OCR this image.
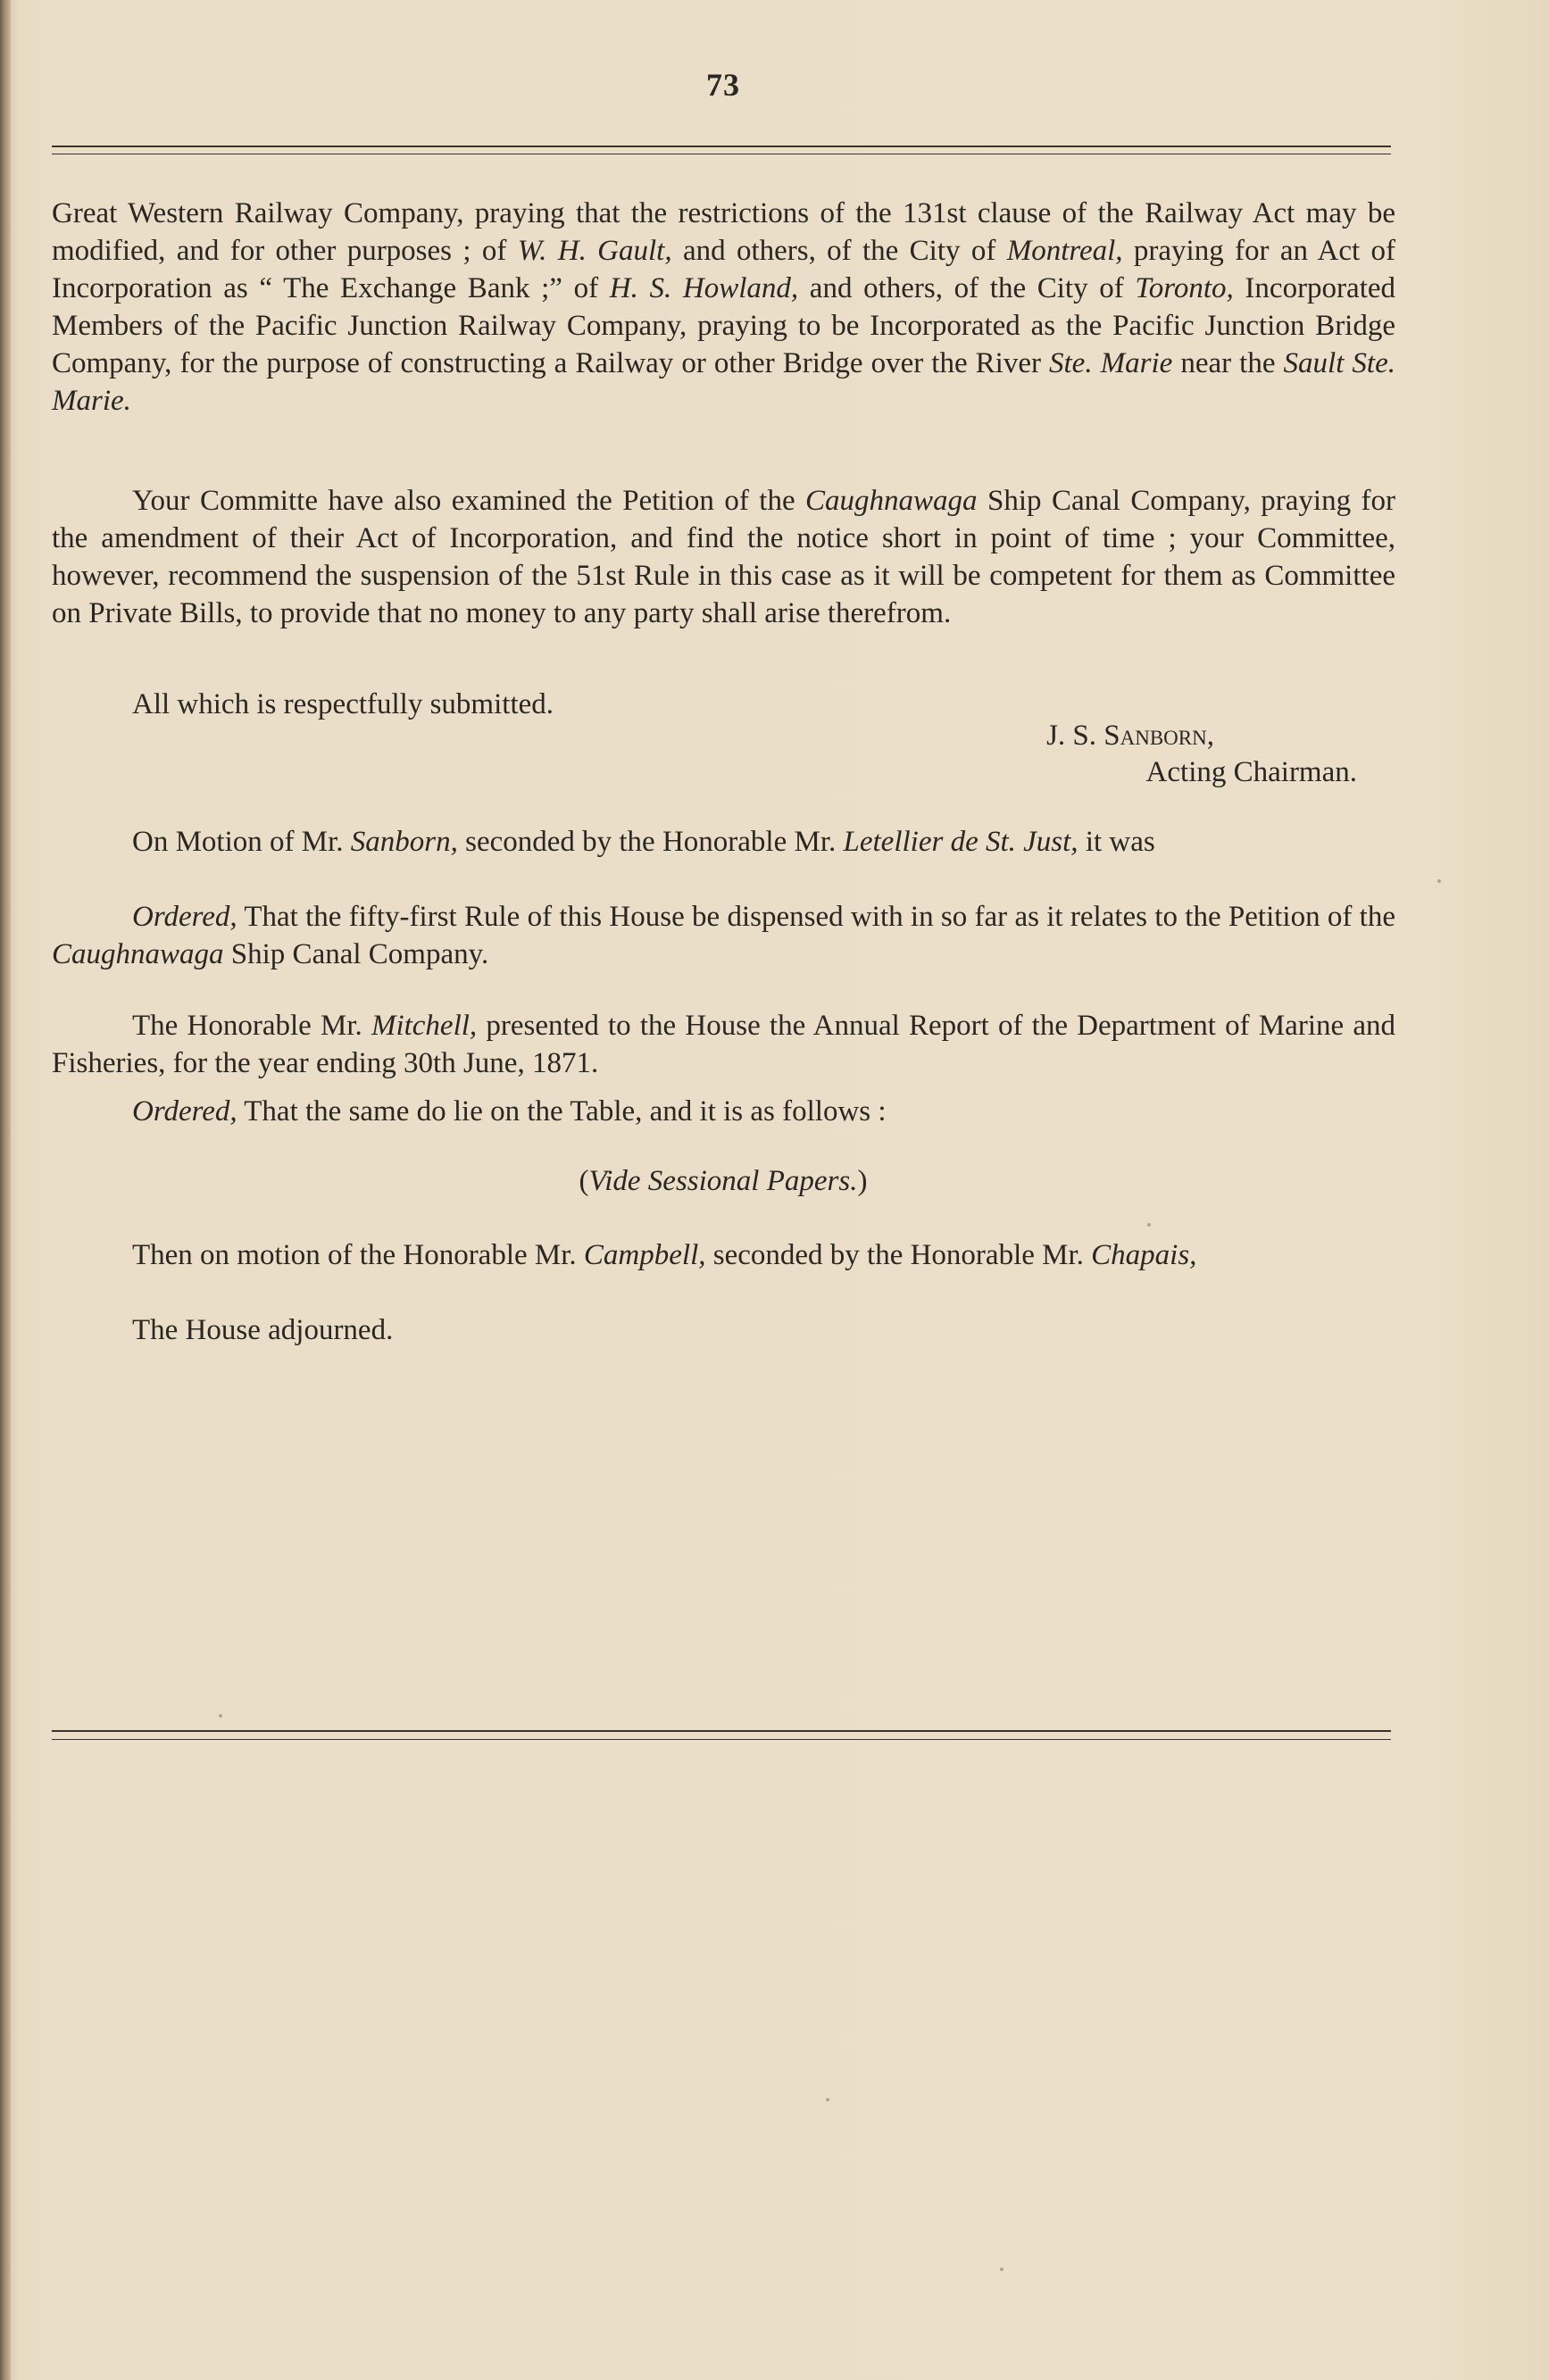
73

Great Western Railway Company, praying that the restrictions of the 131st clause of the Railway Act may be modified, and for other purposes ; of W. H. Gault, and others, of the City of Montreal, praying for an Act of Incorporation as “ The Exchange Bank ;” of H. S. Howland, and others, of the City of Toronto, Incorporated Members of the Pacific Junction Railway Company, praying to be Incorporated as the Pacific Junction Bridge Company, for the purpose of constructing a Railway or other Bridge over the River Ste. Marie near the Sault Ste. Marie.

Your Committe have also examined the Petition of the Caughnawaga Ship Canal Company, praying for the amendment of their Act of Incorporation, and find the notice short in point of time ; your Committee, however, recommend the suspension of the 51st Rule in this case as it will be competent for them as Committee on Private Bills, to provide that no money to any party shall arise therefrom.

All which is respectfully submitted.

J. S. Sanborn,
Acting Chairman.

On Motion of Mr. Sanborn, seconded by the Honorable Mr. Letellier de St. Just, it was

Ordered, That the fifty-first Rule of this House be dispensed with in so far as it relates to the Petition of the Caughnawaga Ship Canal Company.

The Honorable Mr. Mitchell, presented to the House the Annual Report of the Department of Marine and Fisheries, for the year ending 30th June, 1871.

Ordered, That the same do lie on the Table, and it is as follows :

(Vide Sessional Papers.)

Then on motion of the Honorable Mr. Campbell, seconded by the Honorable Mr. Chapais,

The House adjourned.
